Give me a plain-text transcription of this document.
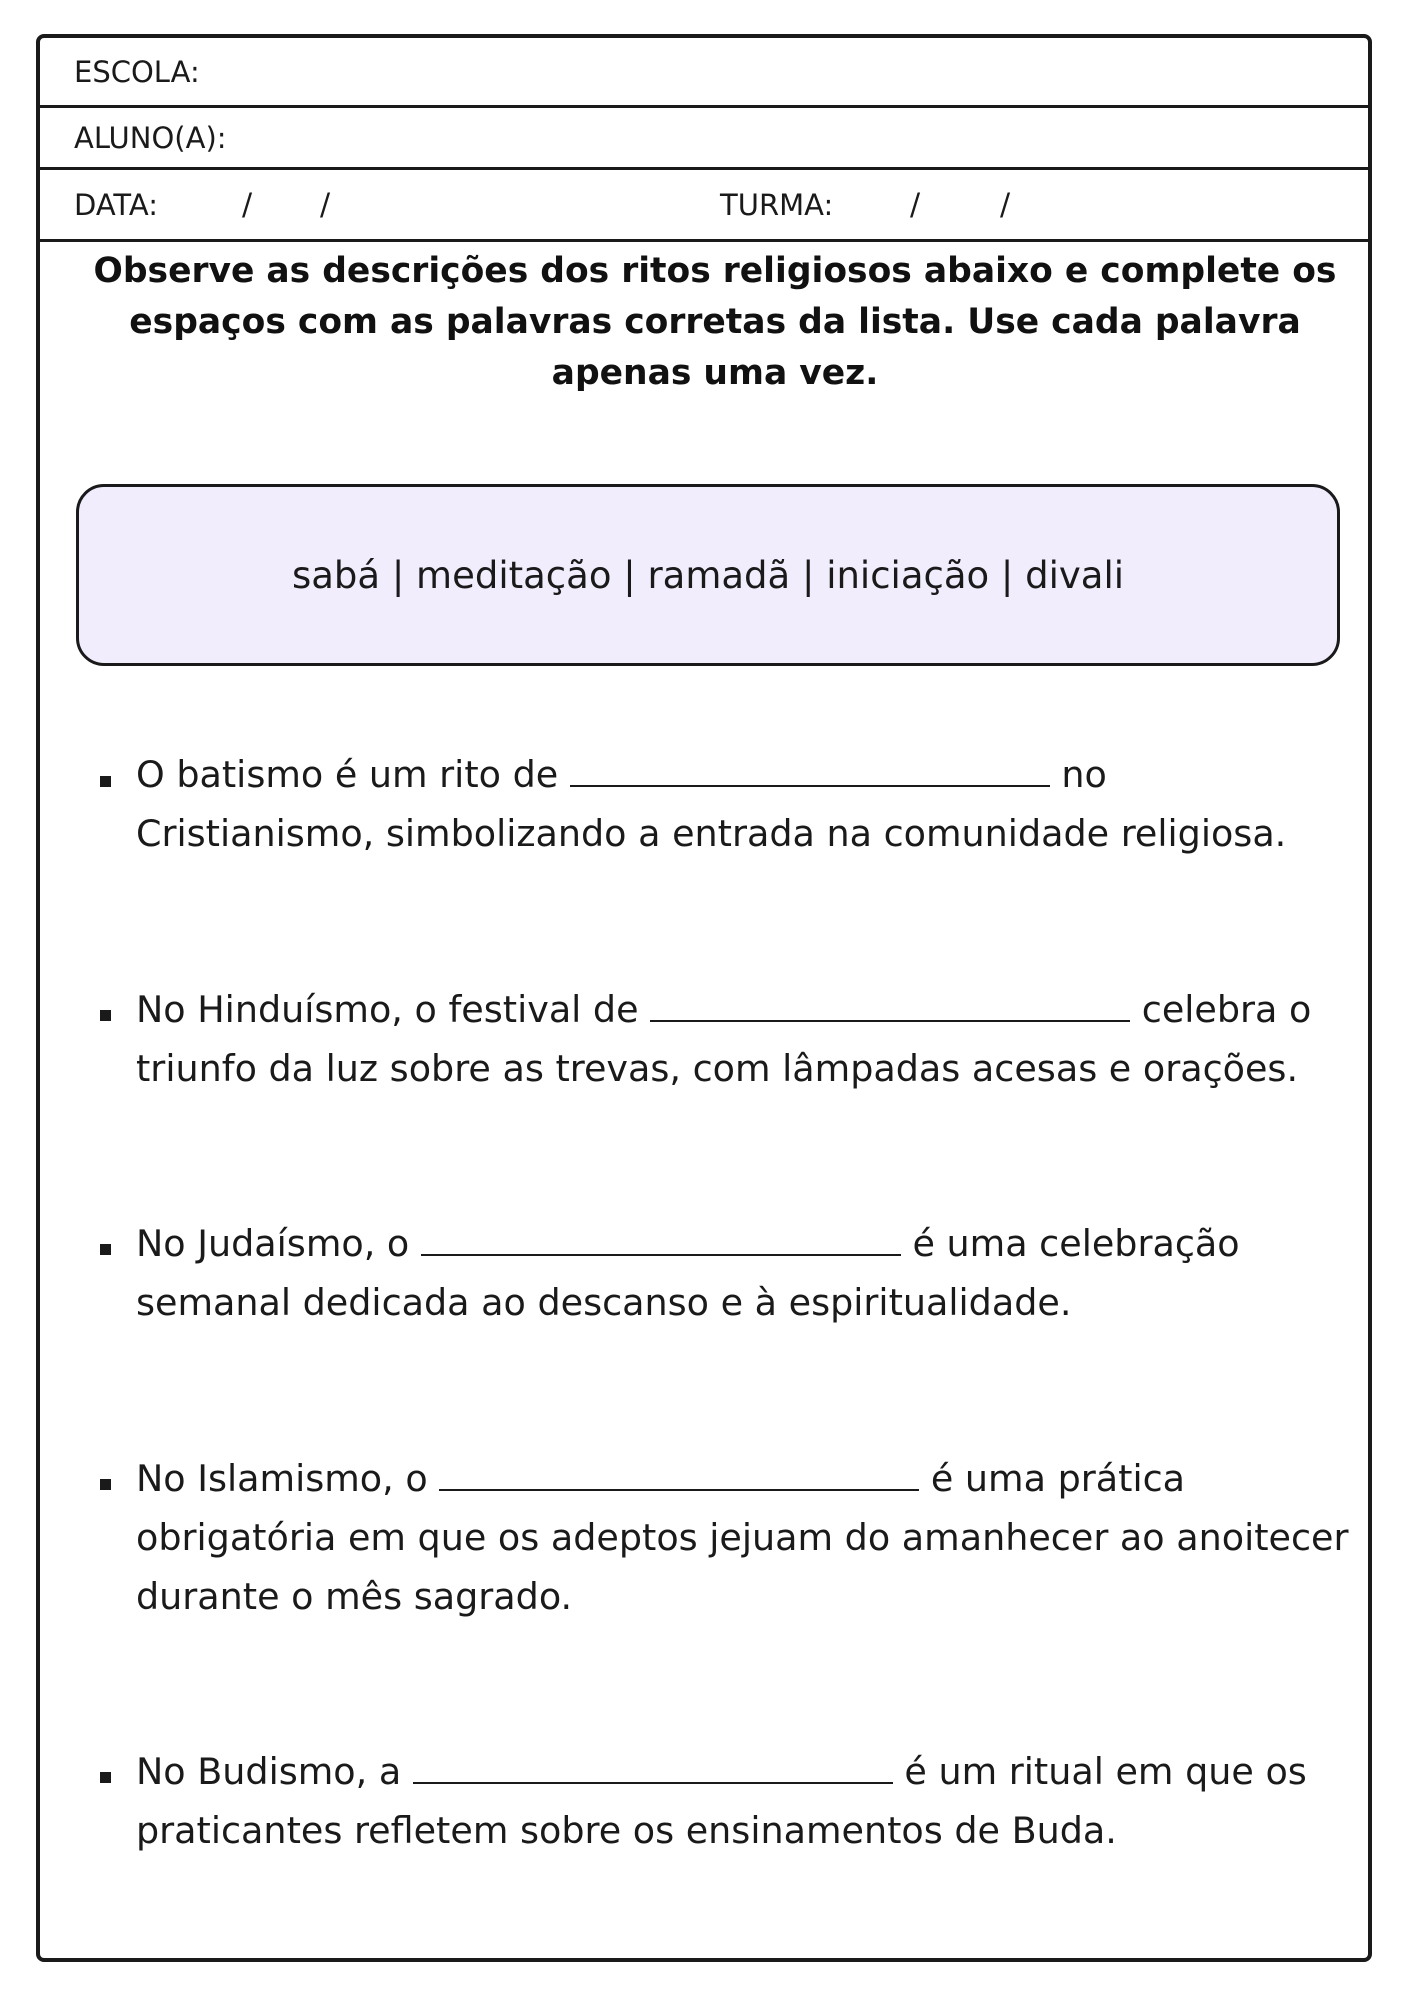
ESCOLA:
ALUNO(A):
DATA:	/ /	TURMA:	/	/
Observe as descrições dos ritos religiosos abaixo e complete os espaços com as palavras corretas da lista. Use cada palavra apenas uma vez.
sabá | meditação | ramadã | iniciação | divali
O batismo é um rito de	no Cristianismo, simbolizando a entrada na comunidade religiosa.
No Hinduísmo, o festival de	celebra o triunfo da luz sobre as trevas, com lâmpadas acesas e orações.
No Judaísmo, o	é uma celebração semanal dedicada ao descanso e à espiritualidade.
No Islamismo, o	é uma prática obrigatória em que os adeptos jejuam do amanhecer ao anoitecer durante o mês sagrado.
No Budismo, a	é um ritual em que os praticantes refletem sobre os ensinamentos de Buda.
